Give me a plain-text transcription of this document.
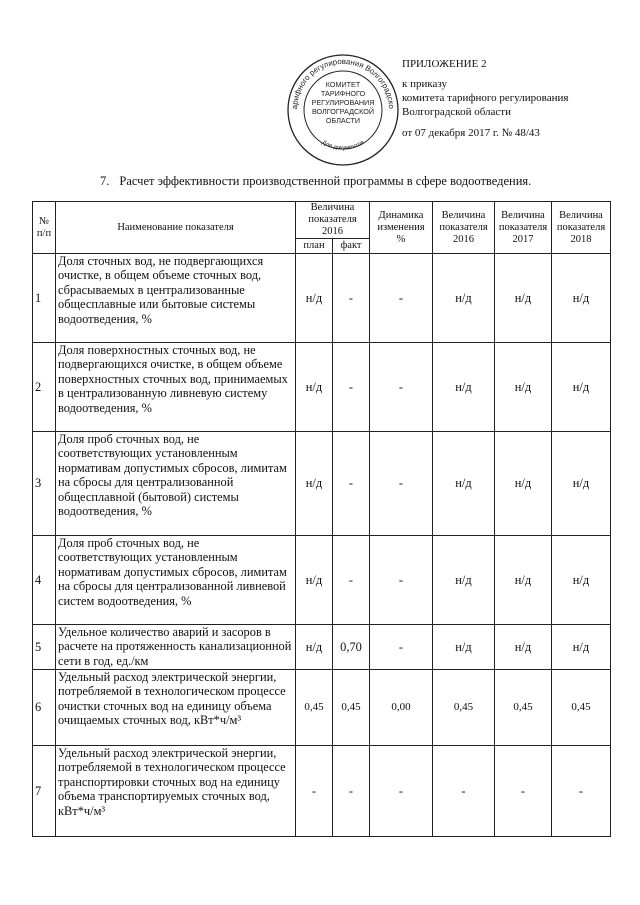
арифного регулирования Волгоградско
Для документов
КОМИТЕТ
ТАРИФНОГО
РЕГУЛИРОВАНИЯ
ВОЛГОГРАДСКОЙ
ОБЛАСТИ
ПРИЛОЖЕНИЕ 2
к приказу
комитета тарифного регулирования
Волгоградской области
от 07 декабря 2017 г. № 48/43
7. Расчет эффективности производственной программы в сфере водоотведения.
№ п/п	Наименование показателя	Величина показателя 2016		Динамика изменения %	Величина показателя 2016	Величина показателя 2017	Величина показателя 2018
		план	факт				
1	Доля сточных вод, не подвергающихся очистке, в общем объеме сточных вод, сбрасываемых в централизованные общесплавные или бытовые системы водоотведения, %	н/д	-	-	н/д	н/д	н/д
2	Доля поверхностных сточных вод, не подвергающихся очистке, в общем объеме поверхностных сточных вод, принимаемых в централизованную ливневую систему водоотведения, %	н/д	-	-	н/д	н/д	н/д
3	Доля проб сточных вод, не соответствующих установленным нормативам допустимых сбросов, лимитам на сбросы для централизованной общесплавной (бытовой) системы водоотведения, %	н/д	-	-	н/д	н/д	н/д
4	Доля проб сточных вод, не соответствующих установленным нормативам допустимых сбросов, лимитам на сбросы для централизованной ливневой систем водоотведения, %	н/д	-	-	н/д	н/д	н/д
5	Удельное количество аварий и засоров в расчете на протяженность канализационной сети в год, ед./км	н/д	0,70	-	н/д	н/д	н/д
6	Удельный расход электрической энергии, потребляемой в технологическом процессе очистки сточных вод на единицу объема очищаемых сточных вод, кВт*ч/м³	0,45	0,45	0,00	0,45	0,45	0,45
7	Удельный расход электрической энергии, потребляемой в технологическом процессе транспортировки сточных вод на единицу объема транспортируемых сточных вод, кВт*ч/м³	-	-	-	-	-	-
